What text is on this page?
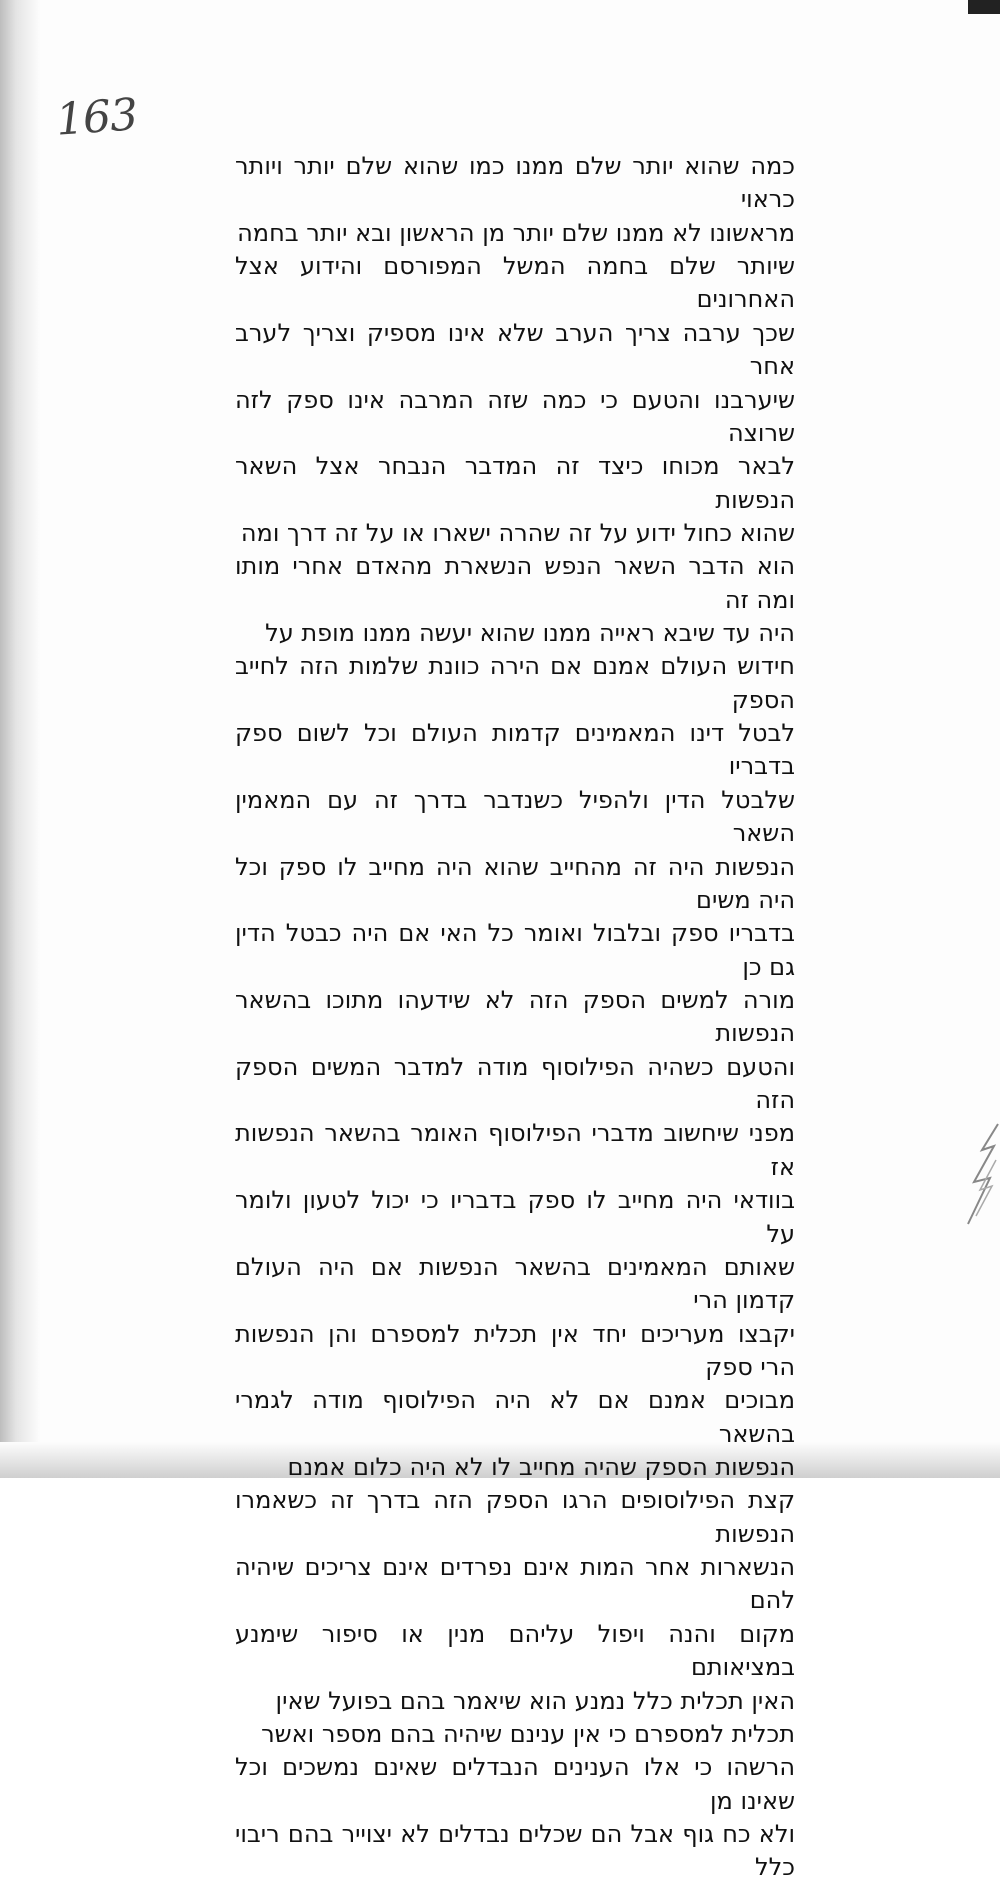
163
כמה שהוא יותר שלם ממנו כמו שהוא שלם יותר ויותר כראוי
מראשונו לא ממנו שלם יותר מן הראשון ובא יותר בחמה
שיותר שלם בחמה המשל המפורסם והידוע אצל האחרונים
שכך ערבה צריך הערב שלא אינו מספיק וצריך לערב אחר
שיערבנו והטעם כי כמה שזה המרבה אינו ספק לזה שרוצה
לבאר מכוחו כיצד זה המדבר הנבחר אצל השאר הנפשות
שהוא כחול ידוע על זה שהרה ישארו או על זה דרך ומה
הוא הדבר השאר הנפש הנשארת מהאדם אחרי מותו ומה זה
היה עד שיבא ראייה ממנו שהוא יעשה ממנו מופת על
חידוש העולם אמנם אם הירה כוונת שלמות הזה לחייב הספק
לבטל דינו המאמינים קדמות העולם וכל לשום ספק בדבריו
שלבטל הדין ולהפיל כשנדבר בדרך זה עם המאמין השאר
הנפשות היה זה מהחייב שהוא היה מחייב לו ספק וכל היה משים
בדבריו ספק ובלבול ואומר כל האי אם היה כבטל הדין גם כן
מורה למשים הספק הזה לא שידעהו מתוכו בהשאר הנפשות
והטעם כשהיה הפילוסוף מודה למדבר המשים הספק הזה
מפני שיחשוב מדברי הפילוסוף האומר בהשאר הנפשות אז
בוודאי היה מחייב לו ספק בדבריו כי יכול לטעון ולומר על
שאותם המאמינים בהשאר הנפשות אם היה העולם קדמון הרי
יקבצו מעריכים יחד אין תכלית למספרם והן הנפשות הרי ספק
מבוכים אמנם אם לא היה הפילוסוף מודה לגמרי בהשאר
הנפשות הספק שהיה מחייב לו לא היה כלום אמנם
קצת הפילוסופים הרגו הספק הזה בדרך זה כשאמרו הנפשות
הנשארות אחר המות אינם נפרדים אינם צריכים שיהיה להם
מקום והנה ויפול עליהם מנין או סיפור שימנע במציאותם
האין תכלית כלל נמנע הוא שיאמר בהם בפועל שאין
תכלית למספרם כי אין ענינם שיהיה בהם מספר ואשר
הרשהו כי אלו הענינים הנבדלים שאינם נמשכים וכל שאינו מן
ולא כח גוף אבל הם שכלים נבדלים לא יצוייר בהם ריבוי כלל
